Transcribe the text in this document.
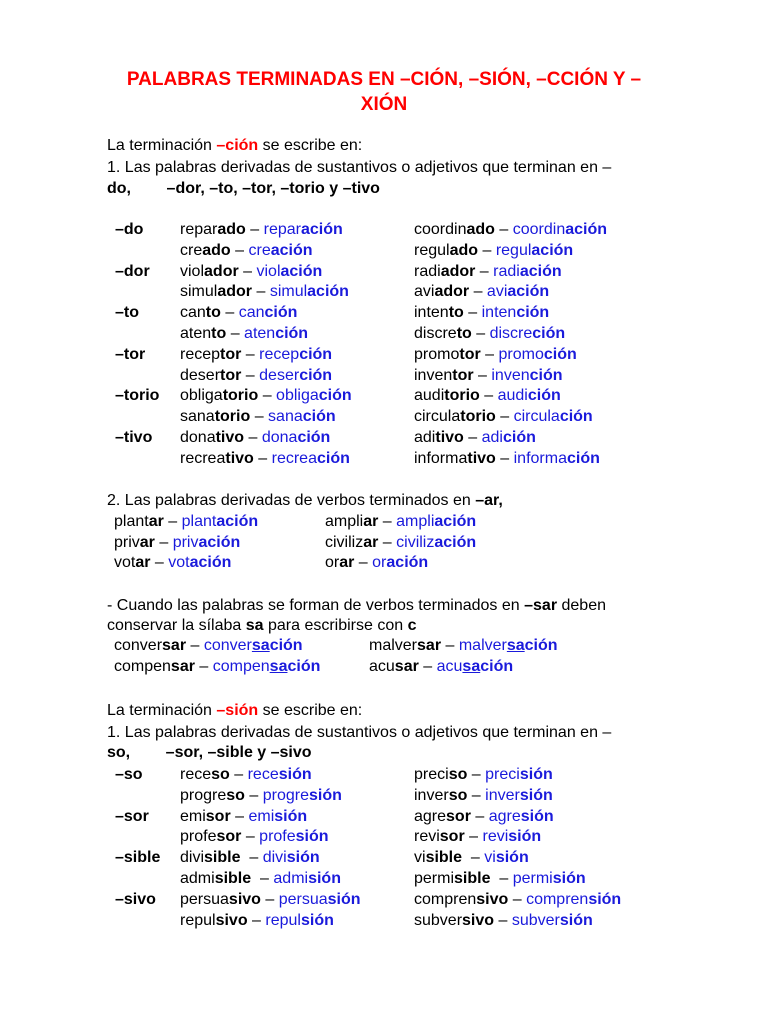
PALABRAS TERMINADAS EN –CIÓN, –SIÓN, –CCIÓN Y –
XIÓN
La terminación –ción se escribe en:
1. Las palabras derivadas de sustantivos o adjetivos que terminan en –
do,        –dor, –to, –tor, –torio y –tivo
2. Las palabras derivadas de verbos terminados en –ar,
- Cuando las palabras se forman de verbos terminados en –sar deben
conservar la sílaba sa para escribirse con c
La terminación –sión se escribe en:
1. Las palabras derivadas de sustantivos o adjetivos que terminan en –
so,        –sor, –sible y –sivo
–do reparado – reparación
creado – creación
coordinado – coordinación
regulado – regulación
–dor violador – violación
simulador – simulación
radiador – radiación
aviador – aviación
–to	canto – canción
atento – atención
intento – intención
discreto – discreción
–tor receptor – recepción
desertor – deserción
promotor – promoción
inventor – invención
–torio obligatorio – obligación
sanatorio – sanación
auditorio – audición
circulatorio – circulación
–tivo donativo – donación
recreativo – recreación
aditivo – adición
informativo – información
plantar – plantación
privar – privación
votar – votación
ampliar – ampliación
civilizar – civilización
orar – oración
conversar – conversación
compensar – compensación
malversar – malversación
acusar – acusación
–so receso – recesión
progreso – progresión
preciso – precisión
inverso – inversión
–sor emisor – emisión
profesor – profesión
agresor – agresión
revisor – revisión
–sible divisible  – división
admisible  – admisión
visible  – visión
permisible  – permisión
–sivo persuasivo – persuasión
repulsivo – repulsión
comprensivo – comprensión
subversivo – subversión
